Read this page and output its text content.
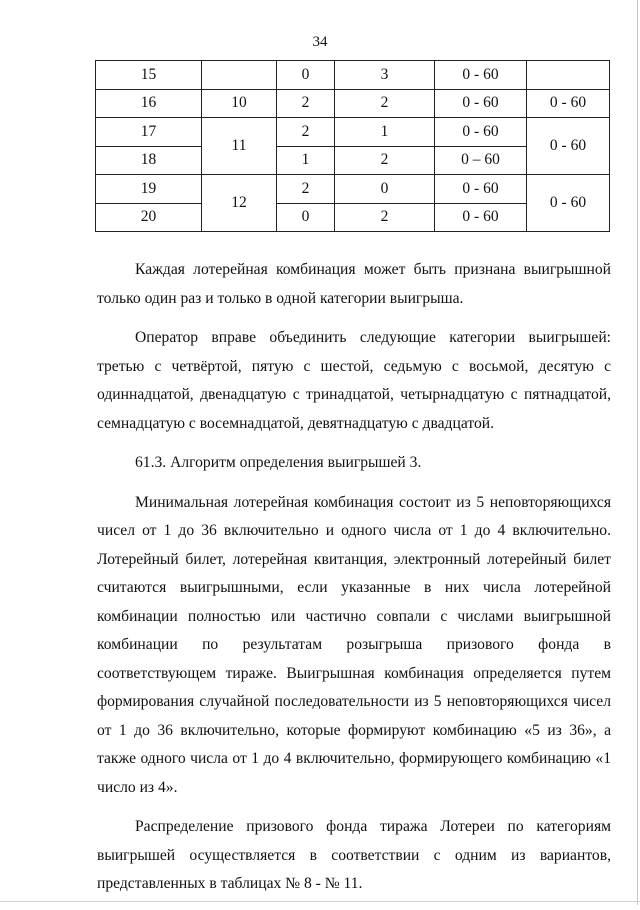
34
15		0	3	0 - 60	
16	10	2	2	0 - 60	0 - 60
17	11	2	1	0 - 60	0 - 60
18		1	2	0 – 60	
19	12	2	0	0 - 60	0 - 60
20		0	2	0 - 60	

Каждая лотерейная комбинация может быть признана выигрышной только один раз и только в одной категории выигрыша.

Оператор вправе объединить следующие категории выигрышей: третью с четвёртой, пятую с шестой, седьмую с восьмой, десятую с одиннадцатой, двенадцатую с тринадцатой, четырнадцатую с пятнадцатой, семнадцатую с восемнадцатой, девятнадцатую с двадцатой.

61.3. Алгоритм определения выигрышей 3.

Минимальная лотерейная комбинация состоит из 5 неповторяющихся чисел от 1 до 36 включительно и одного числа от 1 до 4 включительно. Лотерейный билет, лотерейная квитанция, электронный лотерейный билет считаются выигрышными, если указанные в них числа лотерейной комбинации полностью или частично совпали с числами выигрышной комбинации по результатам розыгрыша призового фонда в соответствующем тираже. Выигрышная комбинация определяется путем формирования случайной последовательности из 5 неповторяющихся чисел от 1 до 36 включительно, которые формируют комбинацию «5 из 36», а также одного числа от 1 до 4 включительно, формирующего комбинацию «1 число из 4».

Распределение призового фонда тиража Лотереи по категориям выигрышей осуществляется в соответствии с одним из вариантов, представленных в таблицах № 8 - № 11.
